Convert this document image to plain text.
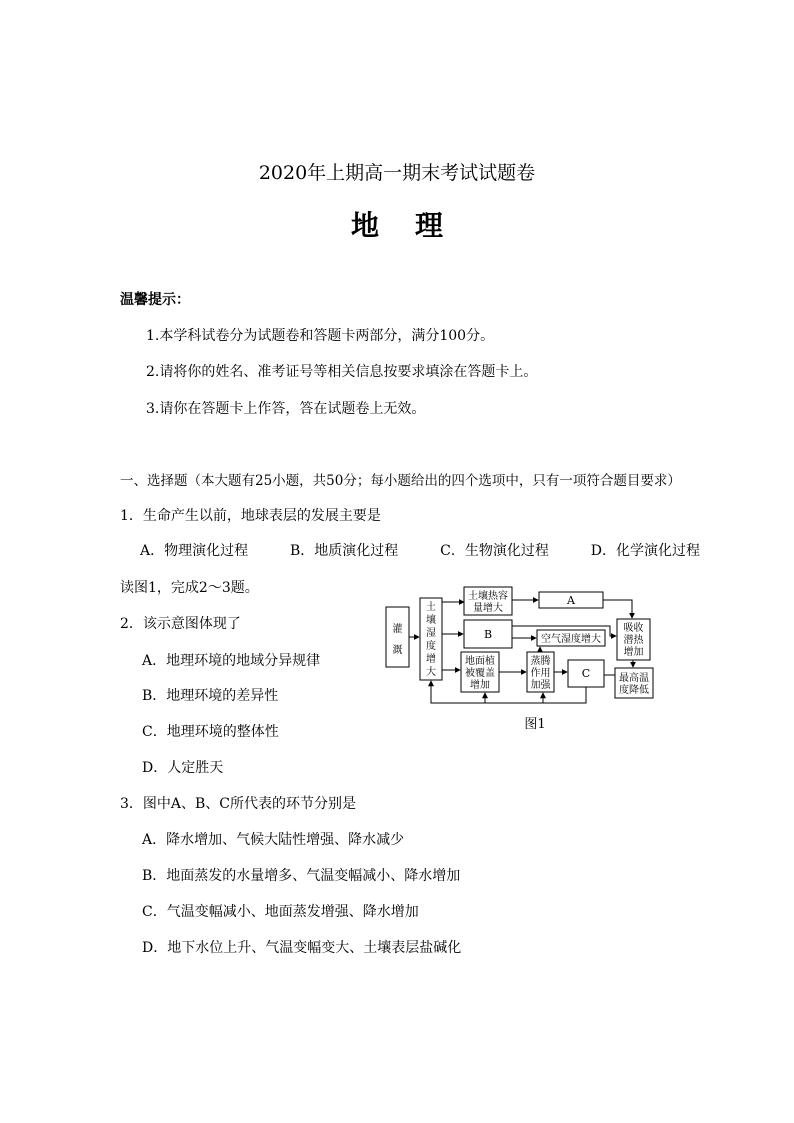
2020年上期高一期末考试试题卷
地理
温馨提示：
1.本学科试卷分为试题卷和答题卡两部分，满分100分。
2.请将你的姓名、准考证号等相关信息按要求填涂在答题卡上。
3.请你在答题卡上作答，答在试题卷上无效。
一、选择题（本大题有25小题，共50分；每小题给出的四个选项中，只有一项符合题目要求）
1．生命产生以前，地球表层的发展主要是
A．物理演化过程	B．地质演化过程	C．生物演化过程	D．化学演化过程
读图1，完成2～3题。
2．该示意图体现了
A．地理环境的地域分异规律
B．地理环境的差异性
C．地理环境的整体性
D．人定胜天
3．图中A、B、C所代表的环节分别是
A．降水增加、气候大陆性增强、降水减少
B．地面蒸发的水量增多、气温变幅减小、降水增加
C．气温变幅减小、地面蒸发增强、降水增加
D．地下水位上升、气温变幅变大、土壤表层盐碱化
灌
溉
土
壤
湿
度
增
大
土壤热容
量增大
A
B	空气湿度增大
地面植
被覆盖
增加
蒸腾
作用
加强
C
吸收
潜热
增加
最高温
度降低
图1
